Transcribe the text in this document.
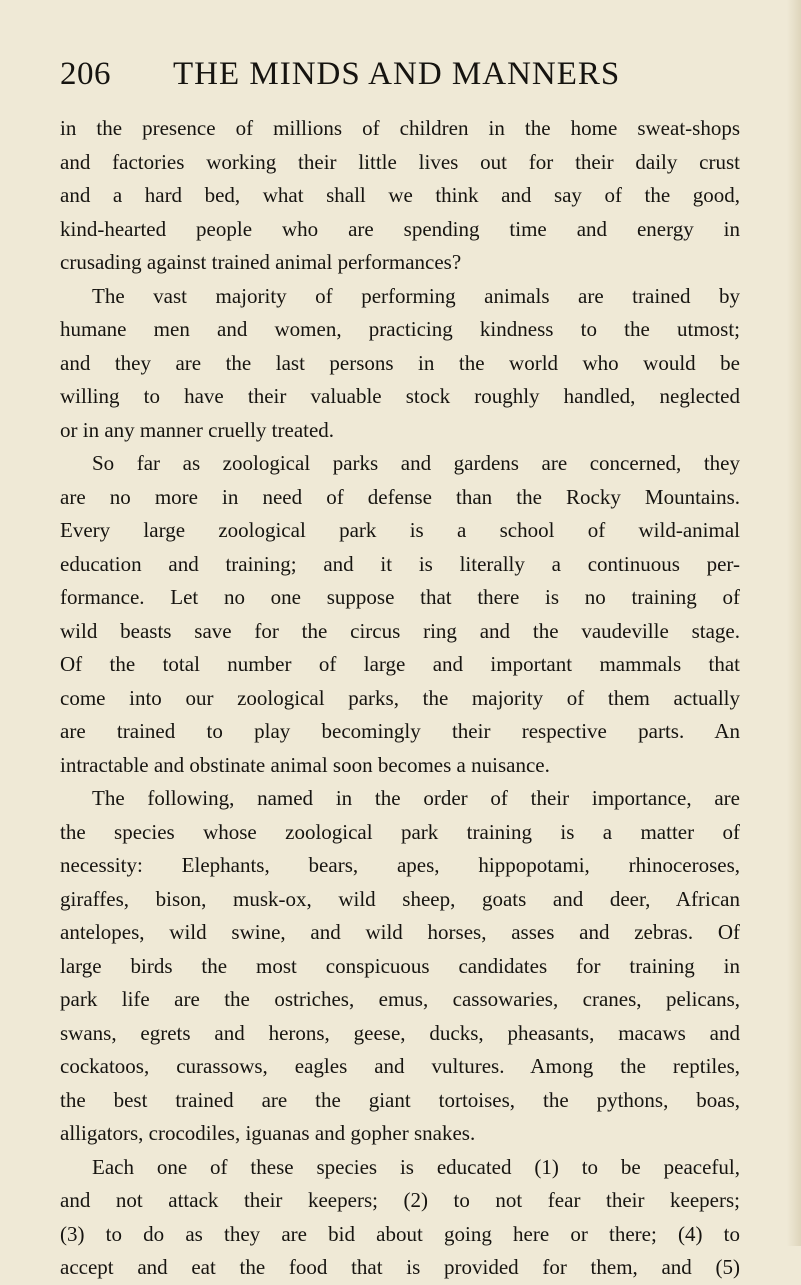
206 THE MINDS AND MANNERS
in the presence of millions of children in the home sweat-shops
and factories working their little lives out for their daily crust
and a hard bed, what shall we think and say of the good,
kind-hearted people who are spending time and energy in
crusading against trained animal performances?
The vast majority of performing animals are trained by
humane men and women, practicing kindness to the utmost;
and they are the last persons in the world who would be
willing to have their valuable stock roughly handled, neglected
or in any manner cruelly treated.
So far as zoological parks and gardens are concerned, they
are no more in need of defense than the Rocky Mountains.
Every large zoological park is a school of wild-animal
education and training; and it is literally a continuous per-
formance. Let no one suppose that there is no training of
wild beasts save for the circus ring and the vaudeville stage.
Of the total number of large and important mammals that
come into our zoological parks, the majority of them actually
are trained to play becomingly their respective parts. An
intractable and obstinate animal soon becomes a nuisance.
The following, named in the order of their importance, are
the species whose zoological park training is a matter of
necessity: Elephants, bears, apes, hippopotami, rhinoceroses,
giraffes, bison, musk-ox, wild sheep, goats and deer, African
antelopes, wild swine, and wild horses, asses and zebras. Of
large birds the most conspicuous candidates for training in
park life are the ostriches, emus, cassowaries, cranes, pelicans,
swans, egrets and herons, geese, ducks, pheasants, macaws and
cockatoos, curassows, eagles and vultures. Among the reptiles,
the best trained are the giant tortoises, the pythons, boas,
alligators, crocodiles, iguanas and gopher snakes.
Each one of these species is educated (1) to be peaceful,
and not attack their keepers; (2) to not fear their keepers;
(3) to do as they are bid about going here or there; (4) to
accept and eat the food that is provided for them, and (5)
